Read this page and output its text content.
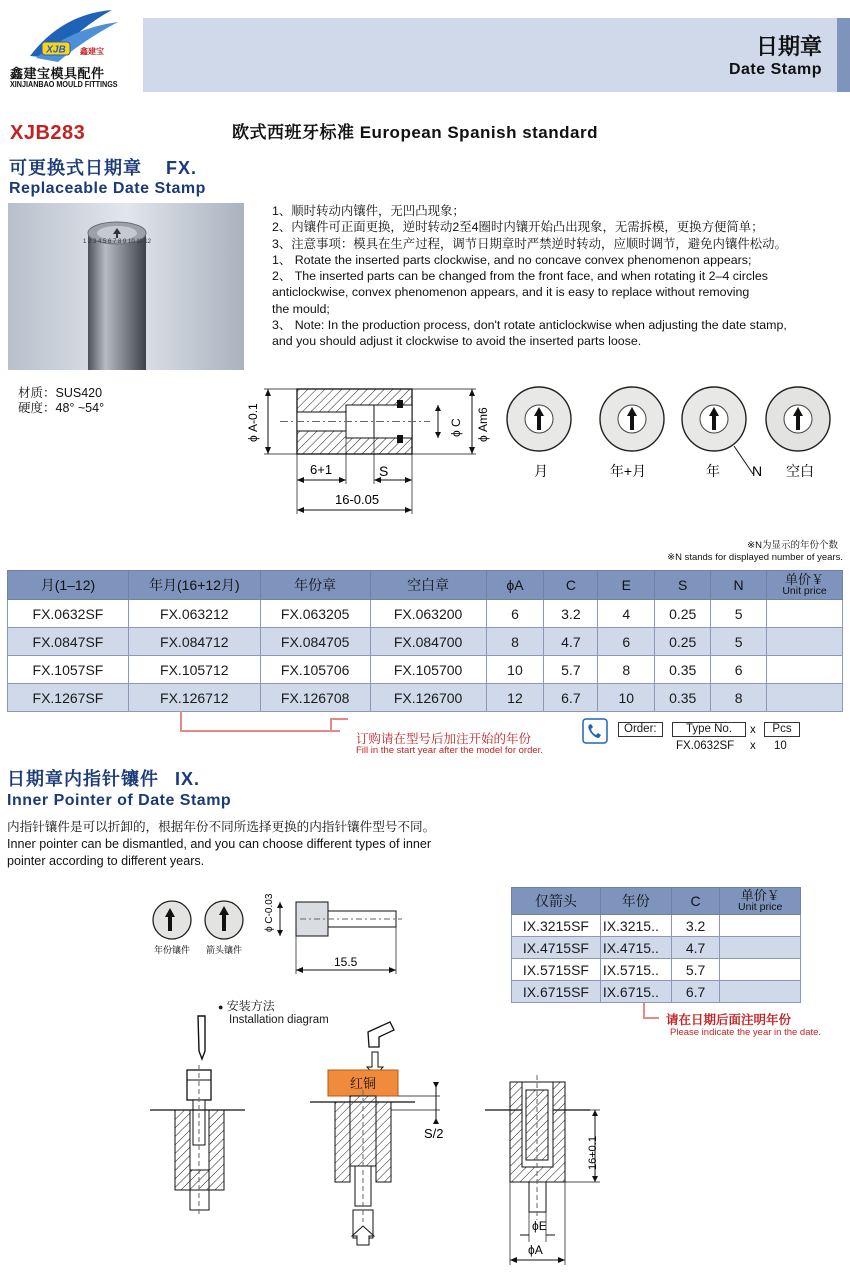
XJB 鑫建宝
鑫建宝模具配件
XINJIANBAO MOULD FITTINGS
日期章
Date Stamp
XJB283	欧式西班牙标准 European Spanish standard
可更换式日期章 FX.
Replaceable Date Stamp
1 2 3 4 5 6 7 8 9 10 11 12
1、顺时转动内镶件，无凹凸现象；
2、内镶件可正面更换，逆时转动2至4圈时内镶开始凸出现象，无需拆模，更换方便简单；
3、注意事项：模具在生产过程，调节日期章时严禁逆时转动，应顺时调节，避免内镶件松动。
1、 Rotate the inserted parts clockwise, and no concave convex phenomenon appears;
2、 The inserted parts can be changed from the front face, and when rotating it 2–4 circles
anticlockwise, convex phenomenon appears, and it is easy to replace without removing
the mould;
3、 Note: In the production process, don't rotate anticlockwise when adjusting the date stamp,
and you should adjust it clockwise to avoid the inserted parts loose.
材质：SUS420
硬度：48° ~54°	ϕ A-0.1	ϕ C ϕ Am6
6+1	S
16-0.05
N
月	年+月	年	空白
※N为显示的年份个数
※N stands for displayed number of years.
月(1–12)	年月(16+12月)	年份章	空白章	ϕA	C	E	S	N	单价￥
Unit price

FX.0632SF	FX.063212	FX.063205	FX.063200	6	3.2	4	0.25	5	
FX.0847SF	FX.084712	FX.084705	FX.084700	8	4.7	6	0.25	5	
FX.1057SF	FX.105712	FX.105706	FX.105700	10	5.7	8	0.35	6	
FX.1267SF	FX.126712	FX.126708	FX.126700	12	6.7	10	0.35	8	
订购请在型号后加注开始的年份
Fill in the start year after the model for order.
Order:	Type No.	x	Pcs
FX.0632SF x 10
日期章内指针镶件 IX.
Inner Pointer of Date Stamp
内指针镶件是可以折卸的，根据年份不同所选择更换的内指针镶件型号不同。
Inner pointer can be dismantled, and you can choose different types of inner
pointer according to different years.
年份镶件 箭头镶件
ϕ C-0.03
15.5
仅箭头	年份	C	单价￥
Unit price

IX.3215SF	IX.3215..	3.2	
IX.4715SF	IX.4715..	4.7	
IX.5715SF	IX.5715..	5.7	
IX.6715SF	IX.6715..	6.7	
请在日期后面注明年份
Please indicate the year in the date.
● 安装方法
Installation diagram
红铜
S/2
16+0.1
ϕE
ϕA
